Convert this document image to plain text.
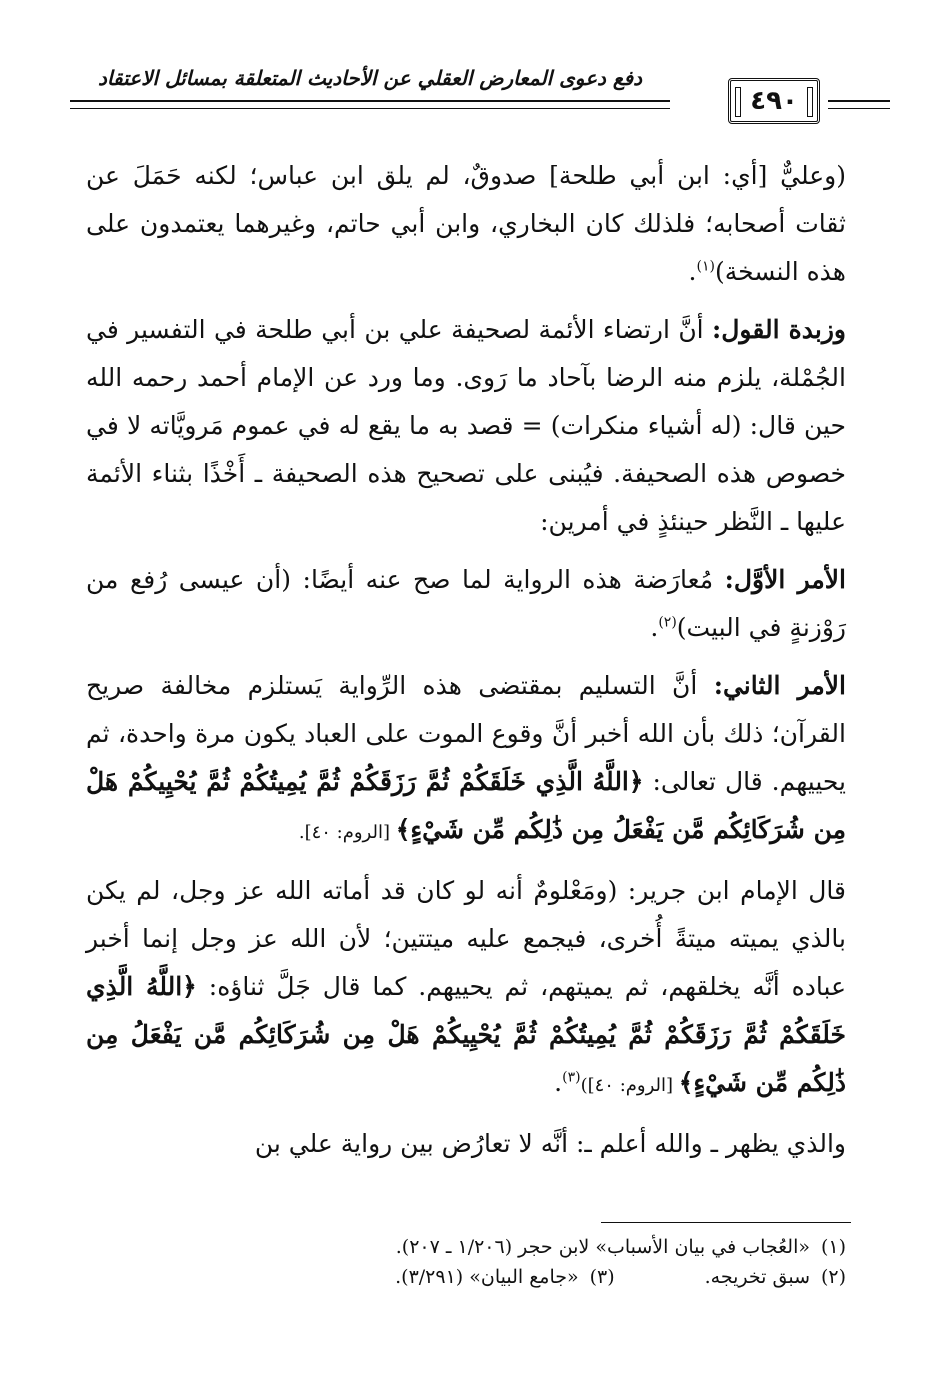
٤٩٠
دفع دعوى المعارض العقلي عن الأحاديث المتعلقة بمسائل الاعتقاد

(وعليٌّ [أي: ابن أبي طلحة] صدوقٌ، لم يلق ابن عباس؛ لكنه حَمَلَ عن ثقات أصحابه؛ فلذلك كان البخاري، وابن أبي حاتم، وغيرهما يعتمدون على هذه النسخة)$^{(١)}$.

وزبدة القول: أنَّ ارتضاء الأئمة لصحيفة علي بن أبي طلحة في التفسير في الجُمْلة، يلزم منه الرضا بآحاد ما رَوى. وما ورد عن الإمام أحمد رحمه الله حين قال: (له أشياء منكرات) = قصد به ما يقع له في عموم مَرويَّاته لا في خصوص هذه الصحيفة. فيُبنى على تصحيح هذه الصحيفة ـ أَخْذًا بثناء الأئمة عليها ـ النَّظر حينئذٍ في أمرين:

الأمر الأوَّل: مُعارَضة هذه الرواية لما صح عنه أيضًا: (أن عيسى رُفع من رَوْزنةٍ في البيت)$^{(٢)}$.

الأمر الثاني: أنَّ التسليم بمقتضى هذه الرِّواية يَستلزم مخالفة صريح القرآن؛ ذلك بأن الله أخبر أنَّ وقوع الموت على العباد يكون مرة واحدة، ثم يحييهم. قال تعالى: ﴿اللَّهُ الَّذِي خَلَقَكُمْ ثُمَّ رَزَقَكُمْ ثُمَّ يُمِيتُكُمْ ثُمَّ يُحْيِيكُمْ هَلْ مِن شُرَكَائِكُم مَّن يَفْعَلُ مِن ذَٰلِكُم مِّن شَيْءٍ﴾ [الروم: ٤٠].

قال الإمام ابن جرير: (ومَعْلومٌ أنه لو كان قد أماته الله عز وجل، لم يكن بالذي يميته ميتةً أُخرى، فيجمع عليه ميتتين؛ لأن الله عز وجل إنما أخبر عباده أنَّه يخلقهم، ثم يميتهم، ثم يحييهم. كما قال جَلَّ ثناؤه: ﴿اللَّهُ الَّذِي خَلَقَكُمْ ثُمَّ رَزَقَكُمْ ثُمَّ يُمِيتُكُمْ ثُمَّ يُحْيِيكُمْ هَلْ مِن شُرَكَائِكُم مَّن يَفْعَلُ مِن ذَٰلِكُم مِّن شَيْءٍ﴾ [الروم: ٤٠])$^{(٣)}$.

والذي يظهر ـ والله أعلم ـ: أنَّه لا تعارُض بين رواية علي بن

(١)«العُجاب في بيان الأسباب» لابن حجر (١/٢٠٦ ـ ٢٠٧).
(٢)سبق تخريجه.
(٣)«جامع البيان» (٣/٢٩١).
